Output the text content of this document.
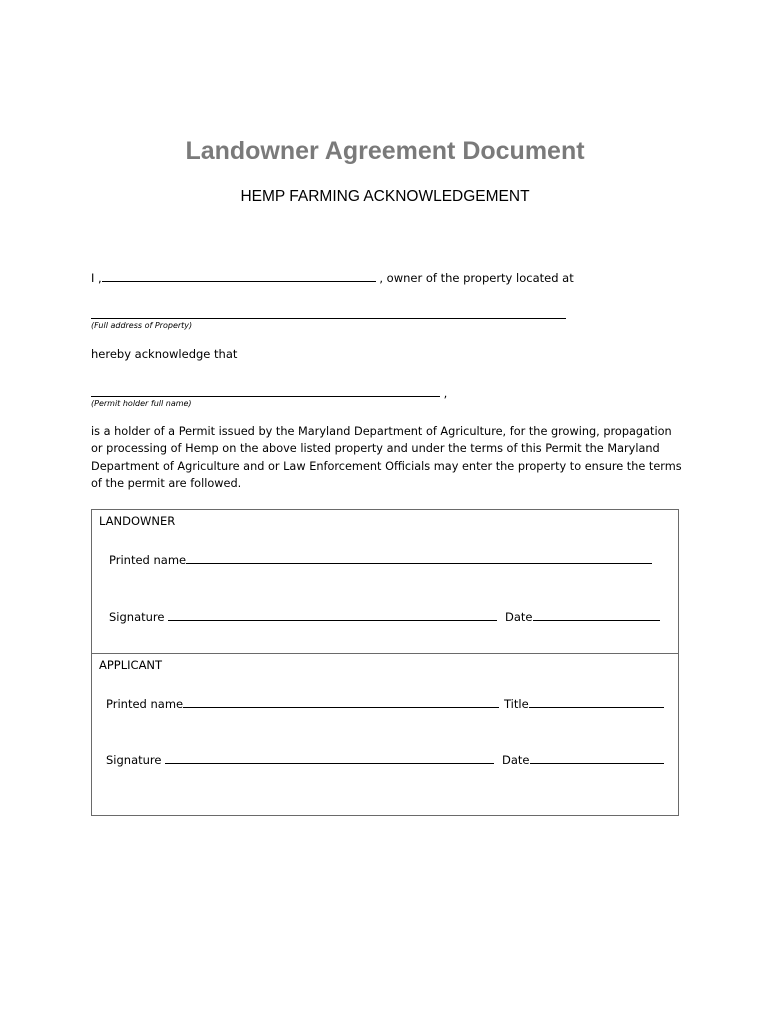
Landowner Agreement Document
HEMP FARMING ACKNOWLEDGEMENT
I ,	, owner of the property located at
(Full address of Property)
hereby acknowledge that
,
(Permit holder full name)
is a holder of a Permit issued by the Maryland Department of Agriculture, for the growing, propagation
or processing of Hemp on the above listed property and under the terms of this Permit the Maryland
Department of Agriculture and or Law Enforcement Officials may enter the property to ensure the terms
of the permit are followed.
LANDOWNER
Printed name
Signature	Date
APPLICANT
Printed name	Title
Signature	Date
